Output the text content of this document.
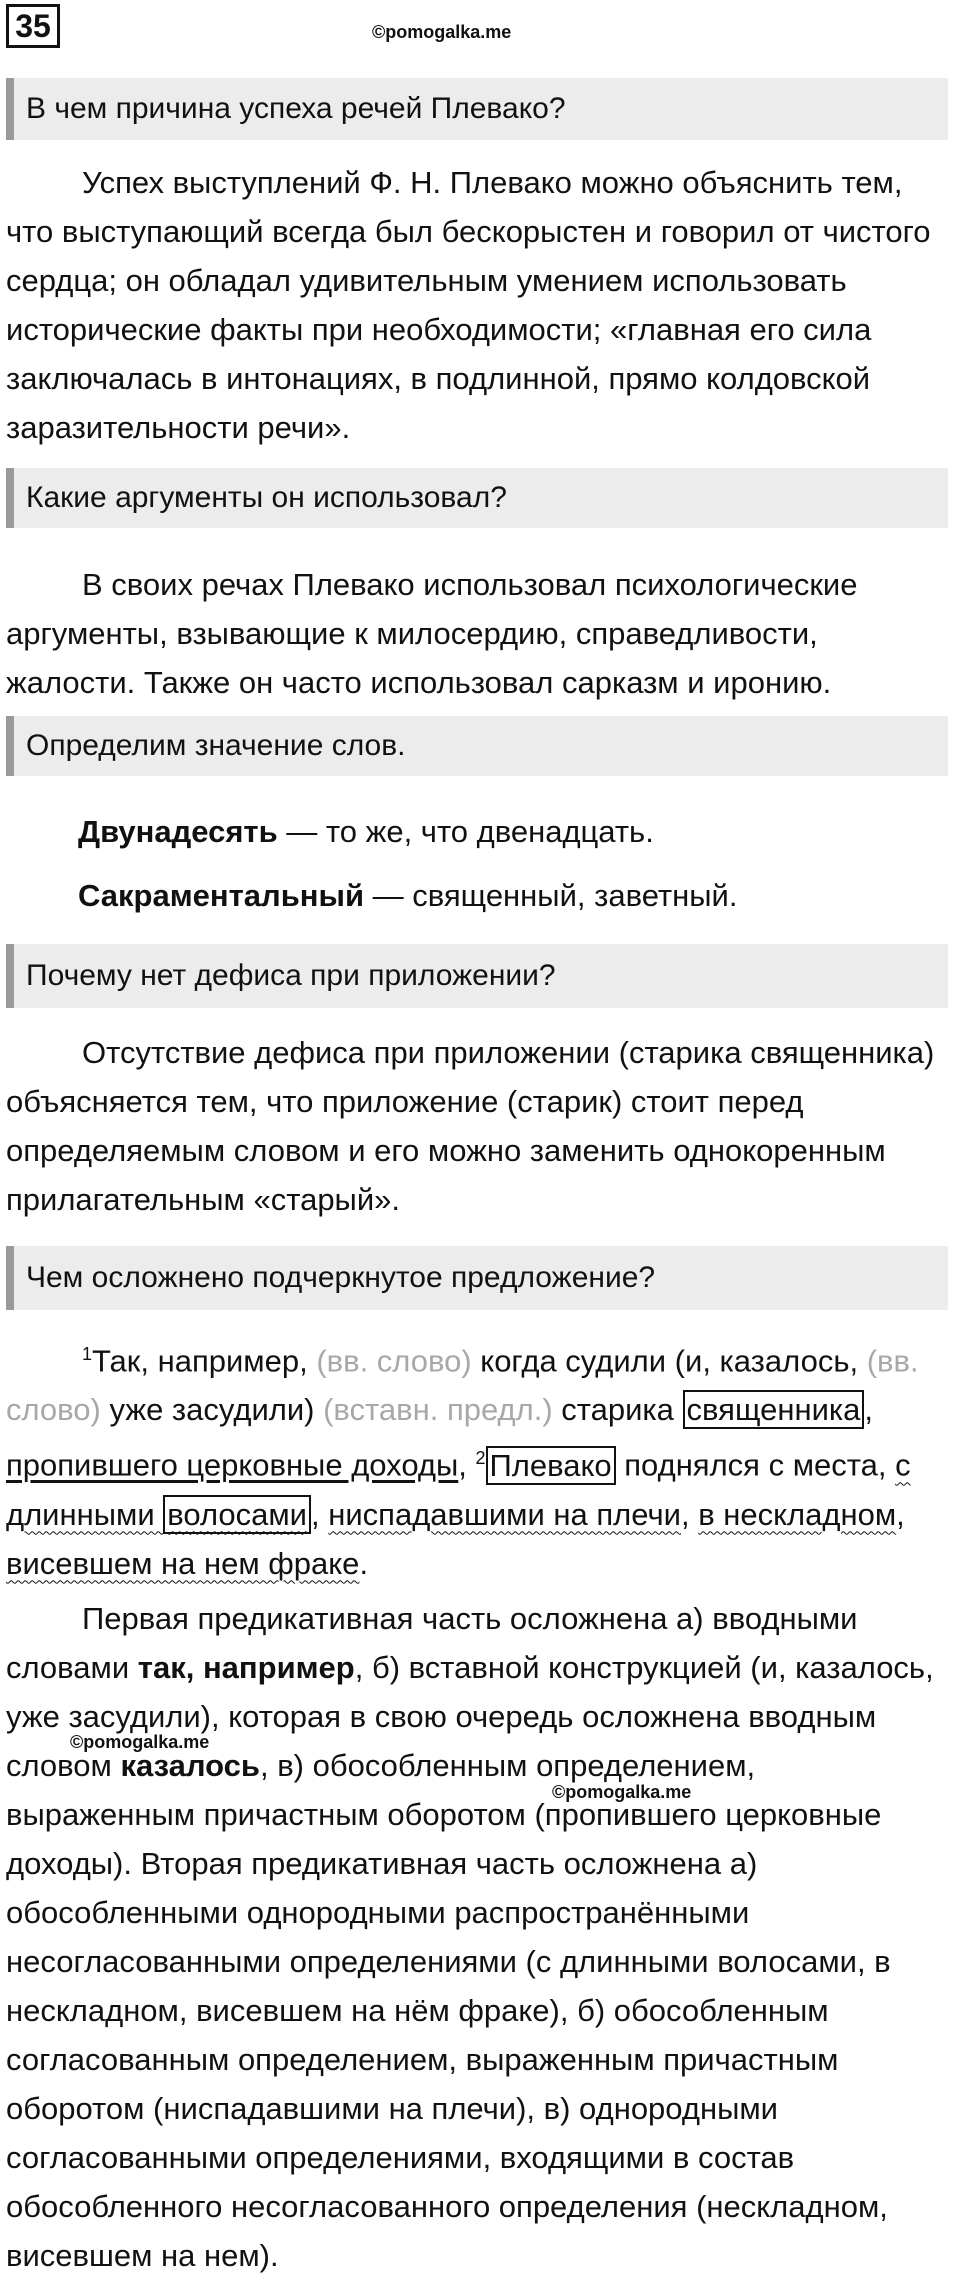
35	©pomogalka.me
В чем причина успеха речей Плевако?

Успех выступлений Ф. Н. Плевако можно объяснить тем, что выступающий всегда был бескорыстен и говорил от чистого сердца; он обладал удивительным умением использовать исторические факты при необходимости; «главная его сила заключалась в интонациях, в подлинной, прямо колдовской заразительности речи».

Какие аргументы он использовал?

В своих речах Плевако использовал психологические аргументы, взывающие к милосердию, справедливости, жалости. Также он часто использовал сарказм и иронию.

Определим значение слов.
Двунадесять — то же, что двенадцать.
Сакраментальный — священный, заветный.
Почему нет дефиса при приложении?

Отсутствие дефиса при приложении (старика священника) объясняется тем, что приложение (старик) стоит перед определяемым словом и его можно заменить однокоренным прилагательным «старый».

Чем осложнено подчеркнутое предложение?

$^1$Так, например, (вв. слово) когда судили (и, казалось, (вв. слово) уже засудили) (вставн. предл.) старика священника , пропившего церковные доходы, $^2$ Плевако поднялся с места, с длинными волосами , ниспадавшими на плечи, в нескладном, висевшем на нем фраке.

Первая предикативная часть осложнена а) вводными словами так, например, б) вставной конструкцией (и, казалось, уже засудили), которая в свою очередь осложнена вводным словом казалось, в) обособленным определением, выраженным причастным оборотом (пропившего церковные доходы). Вторая предикативная часть осложнена а) обособленными однородными распространёнными несогласованными определениями (с длинными волосами, в нескладном, висевшем на нём фраке), б) обособленным согласованным определением, выраженным причастным оборотом (ниспадавшими на плечи), в) однородными согласованными определениями, входящими в состав обособленного несогласованного определения (нескладном, висевшем на нем).

©pomogalka.me
©pomogalka.me
